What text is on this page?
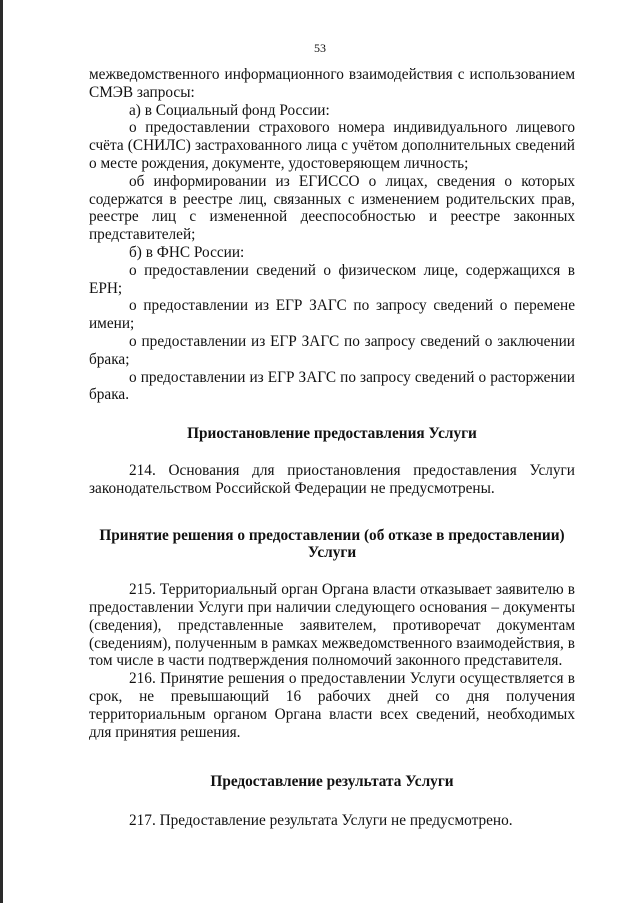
53

межведомственного информационного взаимодействия с использованием СМЭВ запросы:

а) в Социальный фонд России:

о предоставлении страхового номера индивидуального лицевого счёта (СНИЛС) застрахованного лица с учётом дополнительных сведений о месте рождения, документе, удостоверяющем личность;

об информировании из ЕГИССО о лицах, сведения о которых содержатся в реестре лиц, связанных с изменением родительских прав, реестре лиц с измененной дееспособностью и реестре законных представителей;

б) в ФНС России:

о предоставлении сведений о физическом лице, содержащихся в ЕРН;

о предоставлении из ЕГР ЗАГС по запросу сведений о перемене имени;

о предоставлении из ЕГР ЗАГС по запросу сведений о заключении брака;

о предоставлении из ЕГР ЗАГС по запросу сведений о расторжении брака.

Приостановление предоставления Услуги

214. Основания для приостановления предоставления Услуги законодательством Российской Федерации не предусмотрены.

Принятие решения о предоставлении (об отказе в предоставлении) Услуги

215. Территориальный орган Органа власти отказывает заявителю в предоставлении Услуги при наличии следующего основания – документы (сведения), представленные заявителем, противоречат документам (сведениям), полученным в рамках межведомственного взаимодействия, в том числе в части подтверждения полномочий законного представителя.

216. Принятие решения о предоставлении Услуги осуществляется в срок, не превышающий 16 рабочих дней со дня получения территориальным органом Органа власти всех сведений, необходимых для принятия решения.

Предоставление результата Услуги

217. Предоставление результата Услуги не предусмотрено.
